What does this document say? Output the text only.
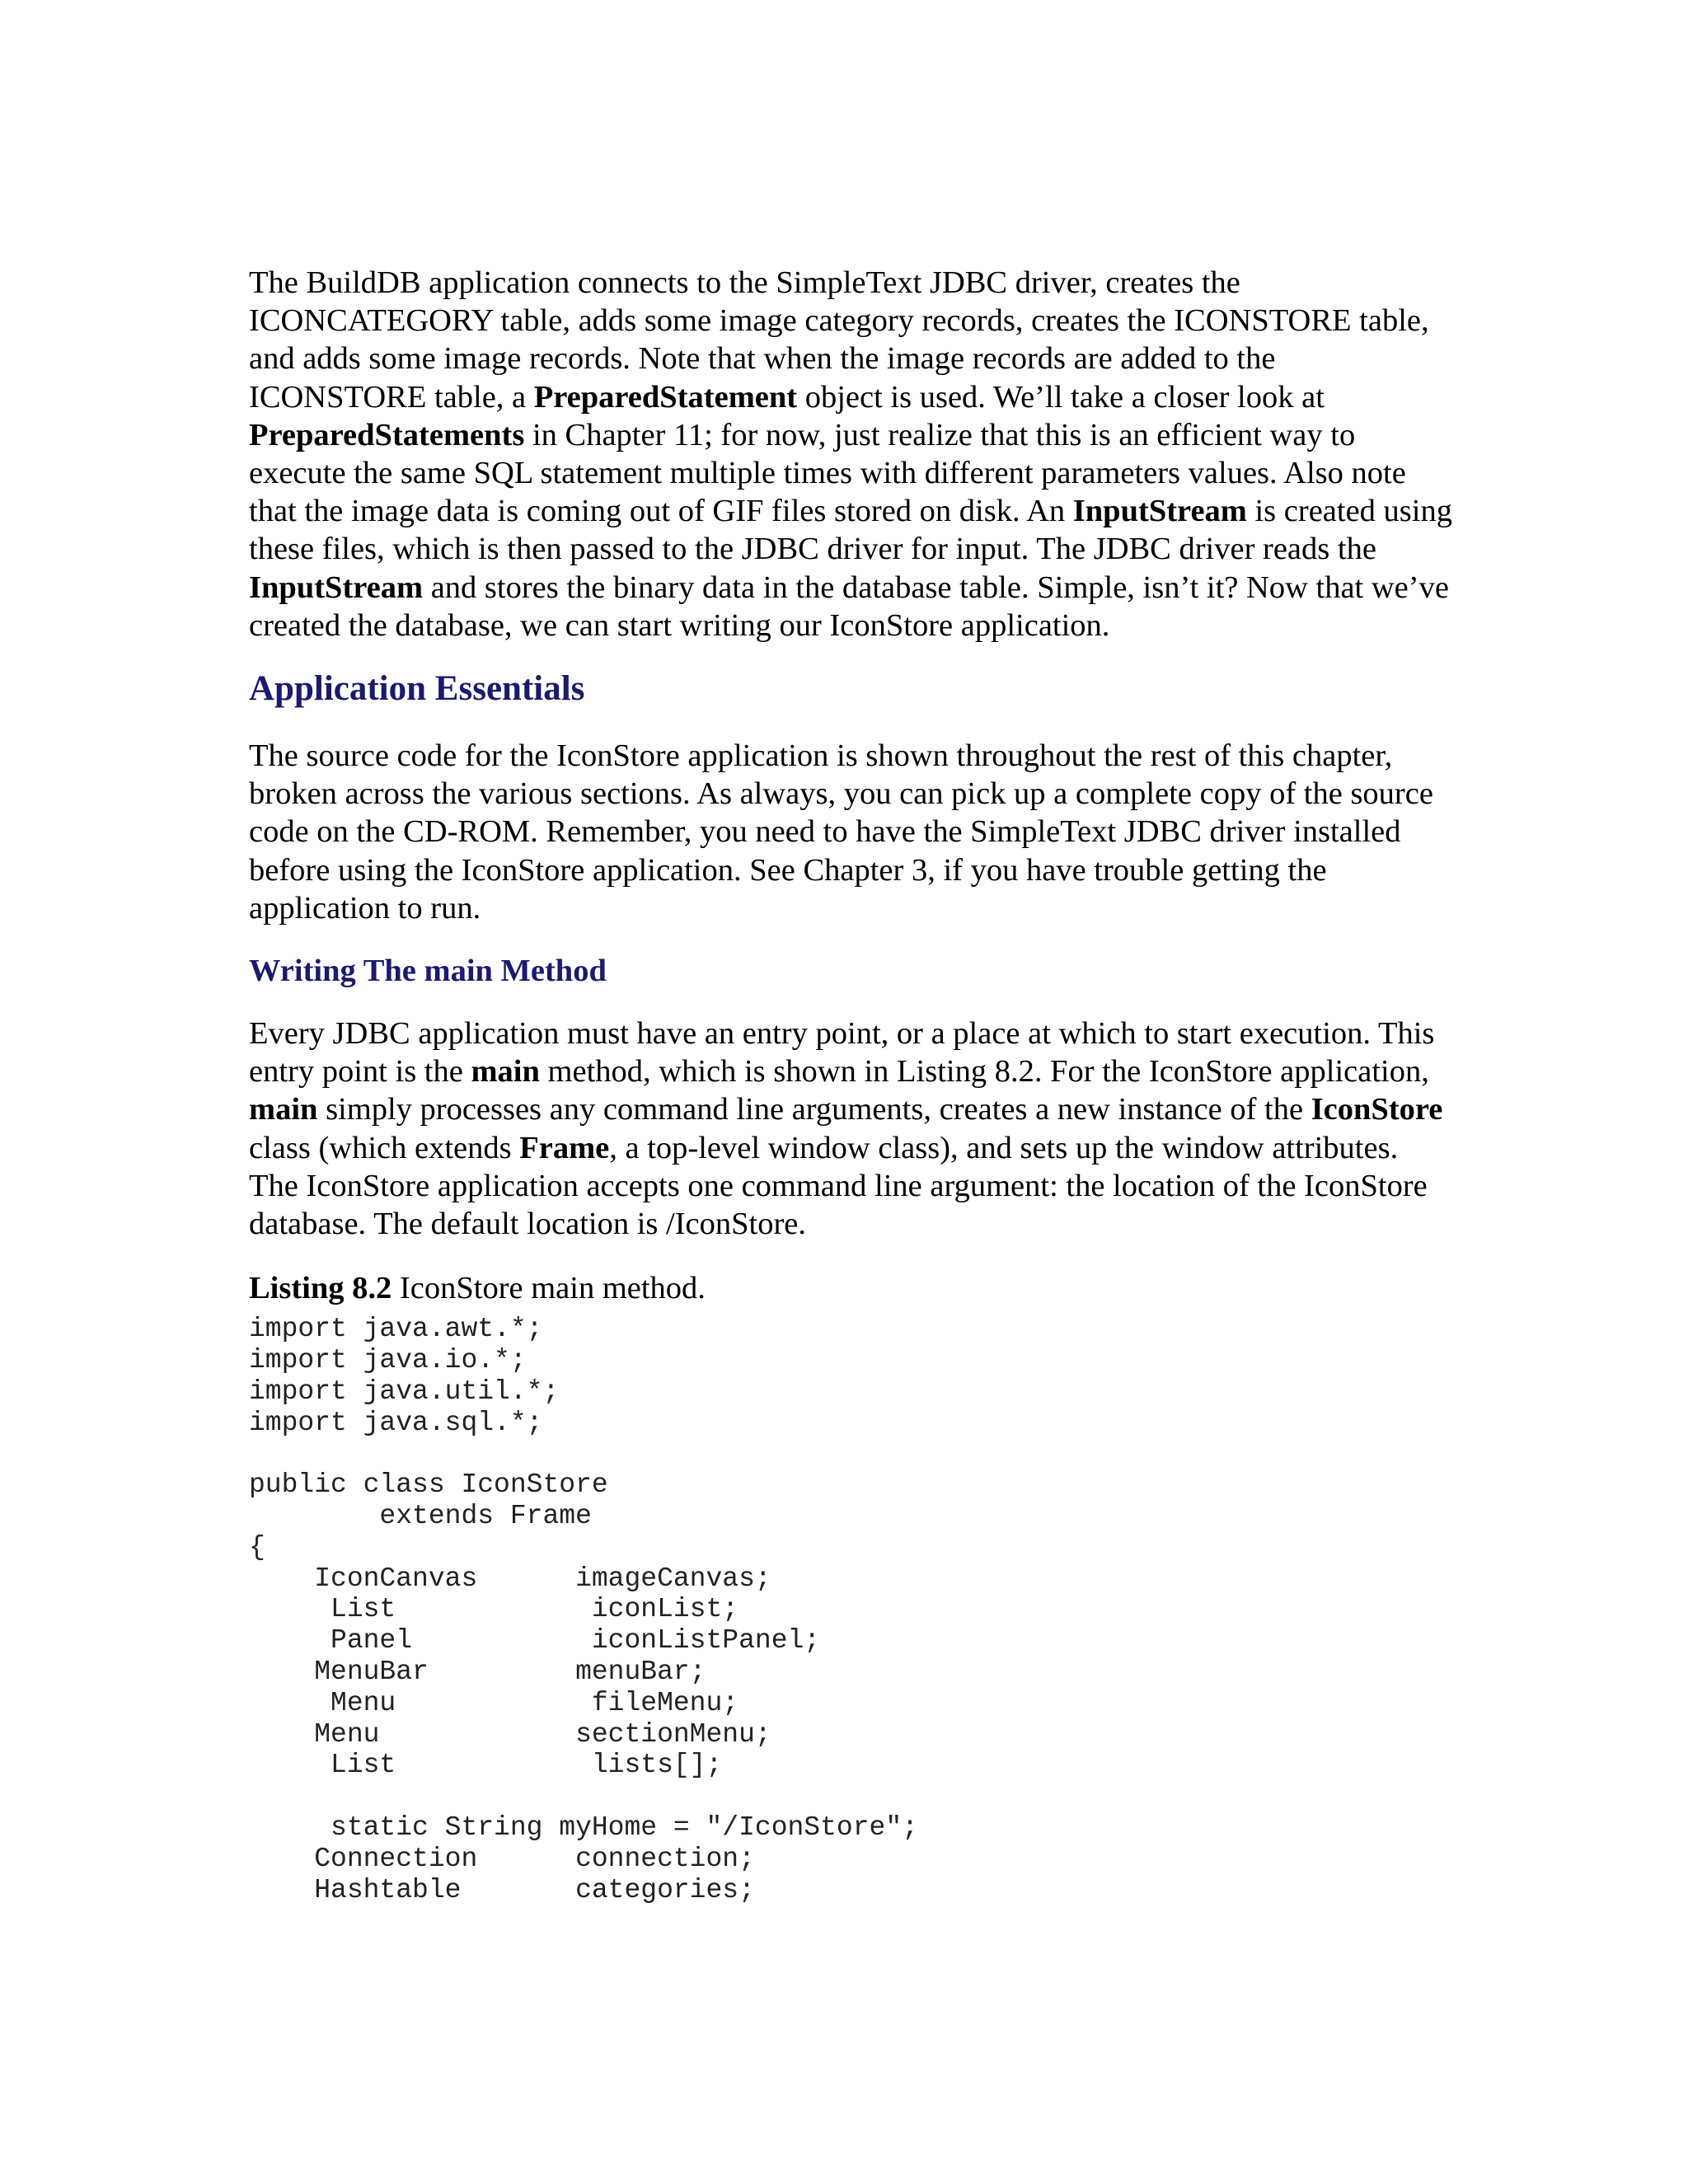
The BuildDB application connects to the SimpleText JDBC driver, creates the ICONCATEGORY table, adds some image category records, creates the ICONSTORE table, and adds some image records. Note that when the image records are added to the ICONSTORE table, a PreparedStatement object is used. We’ll take a closer look at PreparedStatements in Chapter 11; for now, just realize that this is an efficient way to execute the same SQL statement multiple times with different parameters values. Also note that the image data is coming out of GIF files stored on disk. An InputStream is created using these files, which is then passed to the JDBC driver for input. The JDBC driver reads the InputStream and stores the binary data in the database table. Simple, isn’t it? Now that we’ve created the database, we can start writing our IconStore application.

Application Essentials

The source code for the IconStore application is shown throughout the rest of this chapter, broken across the various sections. As always, you can pick up a complete copy of the source code on the CD-ROM. Remember, you need to have the SimpleText JDBC driver installed before using the IconStore application. See Chapter 3, if you have trouble getting the application to run.

Writing The main Method

Every JDBC application must have an entry point, or a place at which to start execution. This entry point is the main method, which is shown in Listing 8.2. For the IconStore application, main simply processes any command line arguments, creates a new instance of the IconStore class (which extends Frame, a top-level window class), and sets up the window attributes. The IconStore application accepts one command line argument: the location of the IconStore database. The default location is /IconStore.

Listing 8.2 IconStore main method.

import java.awt.*;
import java.io.*;
import java.util.*;
import java.sql.*;

public class IconStore
extends Frame
{
IconCanvas      imageCanvas;
List            iconList;
Panel           iconListPanel;
MenuBar         menuBar;
Menu            fileMenu;
Menu            sectionMenu;
List            lists[];

static String myHome = "/IconStore";
Connection      connection;
Hashtable       categories;
